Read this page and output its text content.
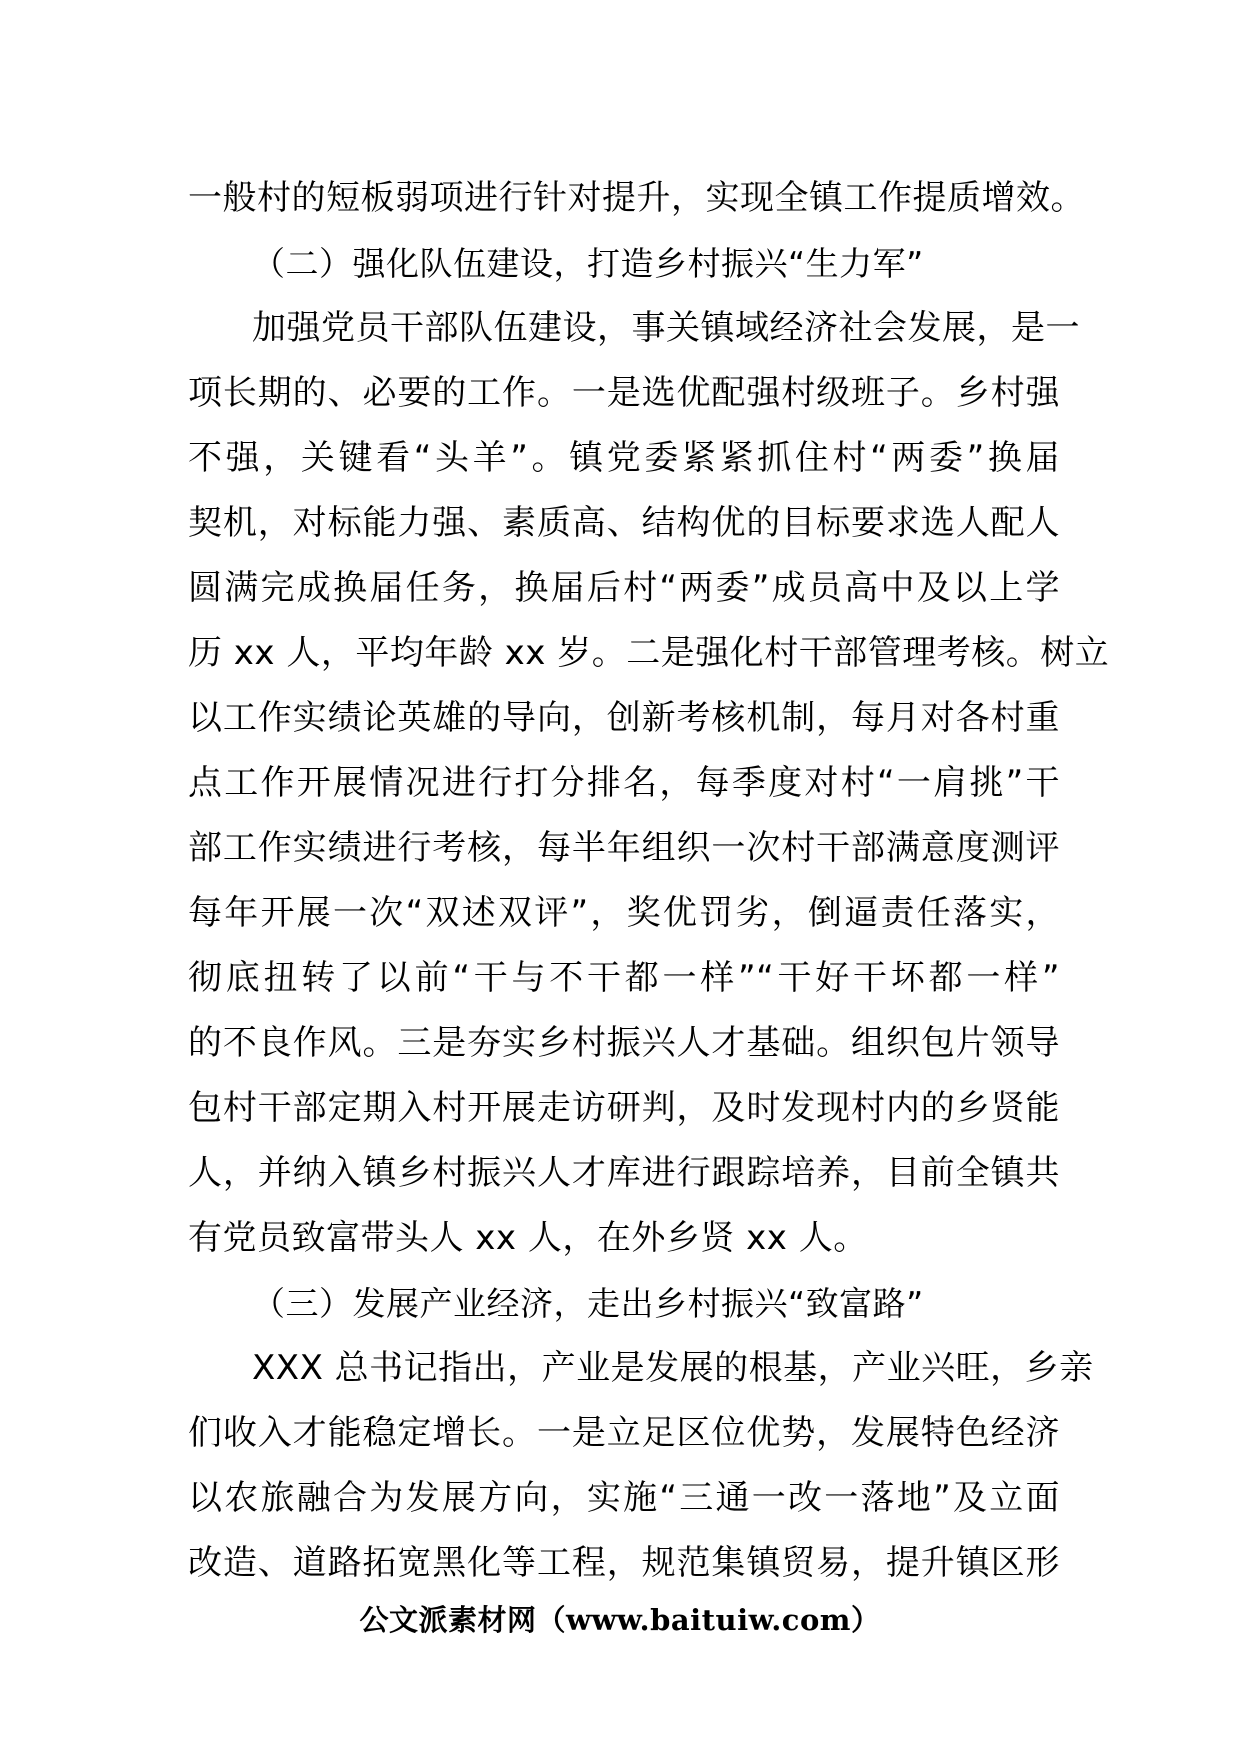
一般村的短板弱项进行针对提升，实现全镇工作提质增效。
（二）强化队伍建设，打造乡村振兴“生力军”
加强党员干部队伍建设，事关镇域经济社会发展，是一
项长期的、必要的工作。一是选优配强村级班子。乡村强
不强，关键看“头羊”。镇党委紧紧抓住村“两委”换届
契机，对标能力强、素质高、结构优的目标要求选人配人
圆满完成换届任务，换届后村“两委”成员高中及以上学
历 xx 人，平均年龄 xx 岁。二是强化村干部管理考核。树立
以工作实绩论英雄的导向，创新考核机制，每月对各村重
点工作开展情况进行打分排名，每季度对村“一肩挑”干
部工作实绩进行考核，每半年组织一次村干部满意度测评
每年开展一次“双述双评”，奖优罚劣，倒逼责任落实，
彻底扭转了以前“干与不干都一样”“干好干坏都一样”
的不良作风。三是夯实乡村振兴人才基础。组织包片领导
包村干部定期入村开展走访研判，及时发现村内的乡贤能
人，并纳入镇乡村振兴人才库进行跟踪培养，目前全镇共
有党员致富带头人 xx 人，在外乡贤 xx 人。
（三）发展产业经济，走出乡村振兴“致富路”
XXX 总书记指出，产业是发展的根基，产业兴旺，乡亲
们收入才能稳定增长。一是立足区位优势，发展特色经济
以农旅融合为发展方向，实施“三通一改一落地”及立面
改造、道路拓宽黑化等工程，规范集镇贸易，提升镇区形
公文派素材网（www.baituiw.com）
